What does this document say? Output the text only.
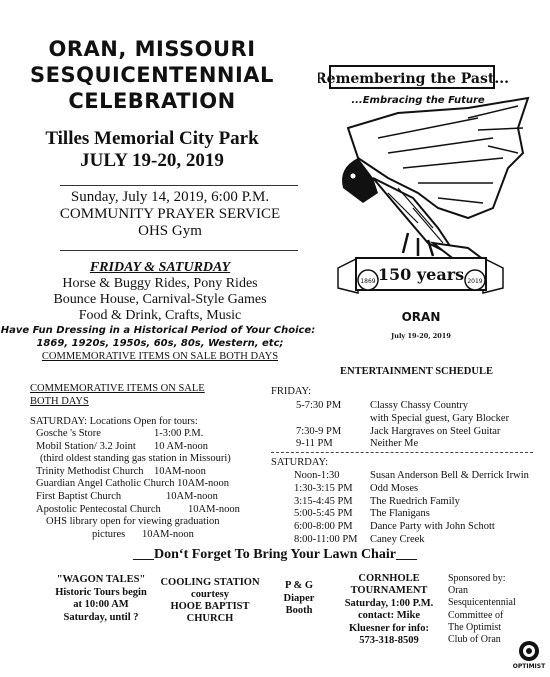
ORAN, MISSOURI
SESQUICENTENNIAL
CELEBRATION
Tilles Memorial City Park
JULY 19-20, 2019
Sunday, July 14, 2019, 6:00 P.M.
COMMUNITY PRAYER SERVICE
OHS Gym
FRIDAY & SATURDAY
Horse & Buggy Rides, Pony Rides
Bounce House, Carnival-Style Games
Food & Drink, Crafts, Music
Have Fun Dressing in a Historical Period of Your Choice:
1869, 1920s, 1950s, 60s, 80s, Western, etc;
COMMEMORATIVE ITEMS ON SALE BOTH DAYS
Remembering the Past...
...Embracing the Future
1869	2019
150 years
ORAN
July 19-20, 2019
COMMEMORATIVE ITEMS ON SALE
BOTH DAYS
SATURDAY: Locations Open for tours:
Gosche 's Store	1-3:00 P.M.
Mobil Station/ 3.2 Joint 10 AM-noon
(third oldest standing gas station in Missouri)
Trinity Methodist Church 10AM-noon
Guardian Angel Catholic Church 10AM-noon
First Baptist Church	10AM-noon
Apostolic Pentecostal Church	10AM-noon
OHS library open for viewing graduation
pictures 10AM-noon
ENTERTAINMENT SCHEDULE
FRIDAY:
5-7:30 PM	Classy Chassy Country
	with Special guest, Gary Blocker
7:30-9 PM	Jack Hargraves on Steel Guitar
9-11 PM	Neither Me
SATURDAY:
Noon-1:30	Susan Anderson Bell & Derrick Irwin
1:30-3:15 PM	Odd Moses
3:15-4:45 PM	The Ruedrich Family
5:00-5:45 PM	The Flanigans
6:00-8:00 PM	Dance Party with John Schott
8:00-11:00 PM	Caney Creek
___Don‘t Forget To Bring Your Lawn Chair___
"WAGON TALES"
Historic Tours begin
at 10:00 AM
Saturday, until ?
COOLING STATION
courtesy
HOOE BAPTIST
CHURCH
P & G
Diaper
Booth
CORNHOLE
TOURNAMENT
Saturday, 1:00 P.M.
contact: Mike
Kluesner for info:
573-318-8509
Sponsored by:
Oran
Sesquicentennial
Committee of
The Optimist
Club of Oran
OPTIMIST
